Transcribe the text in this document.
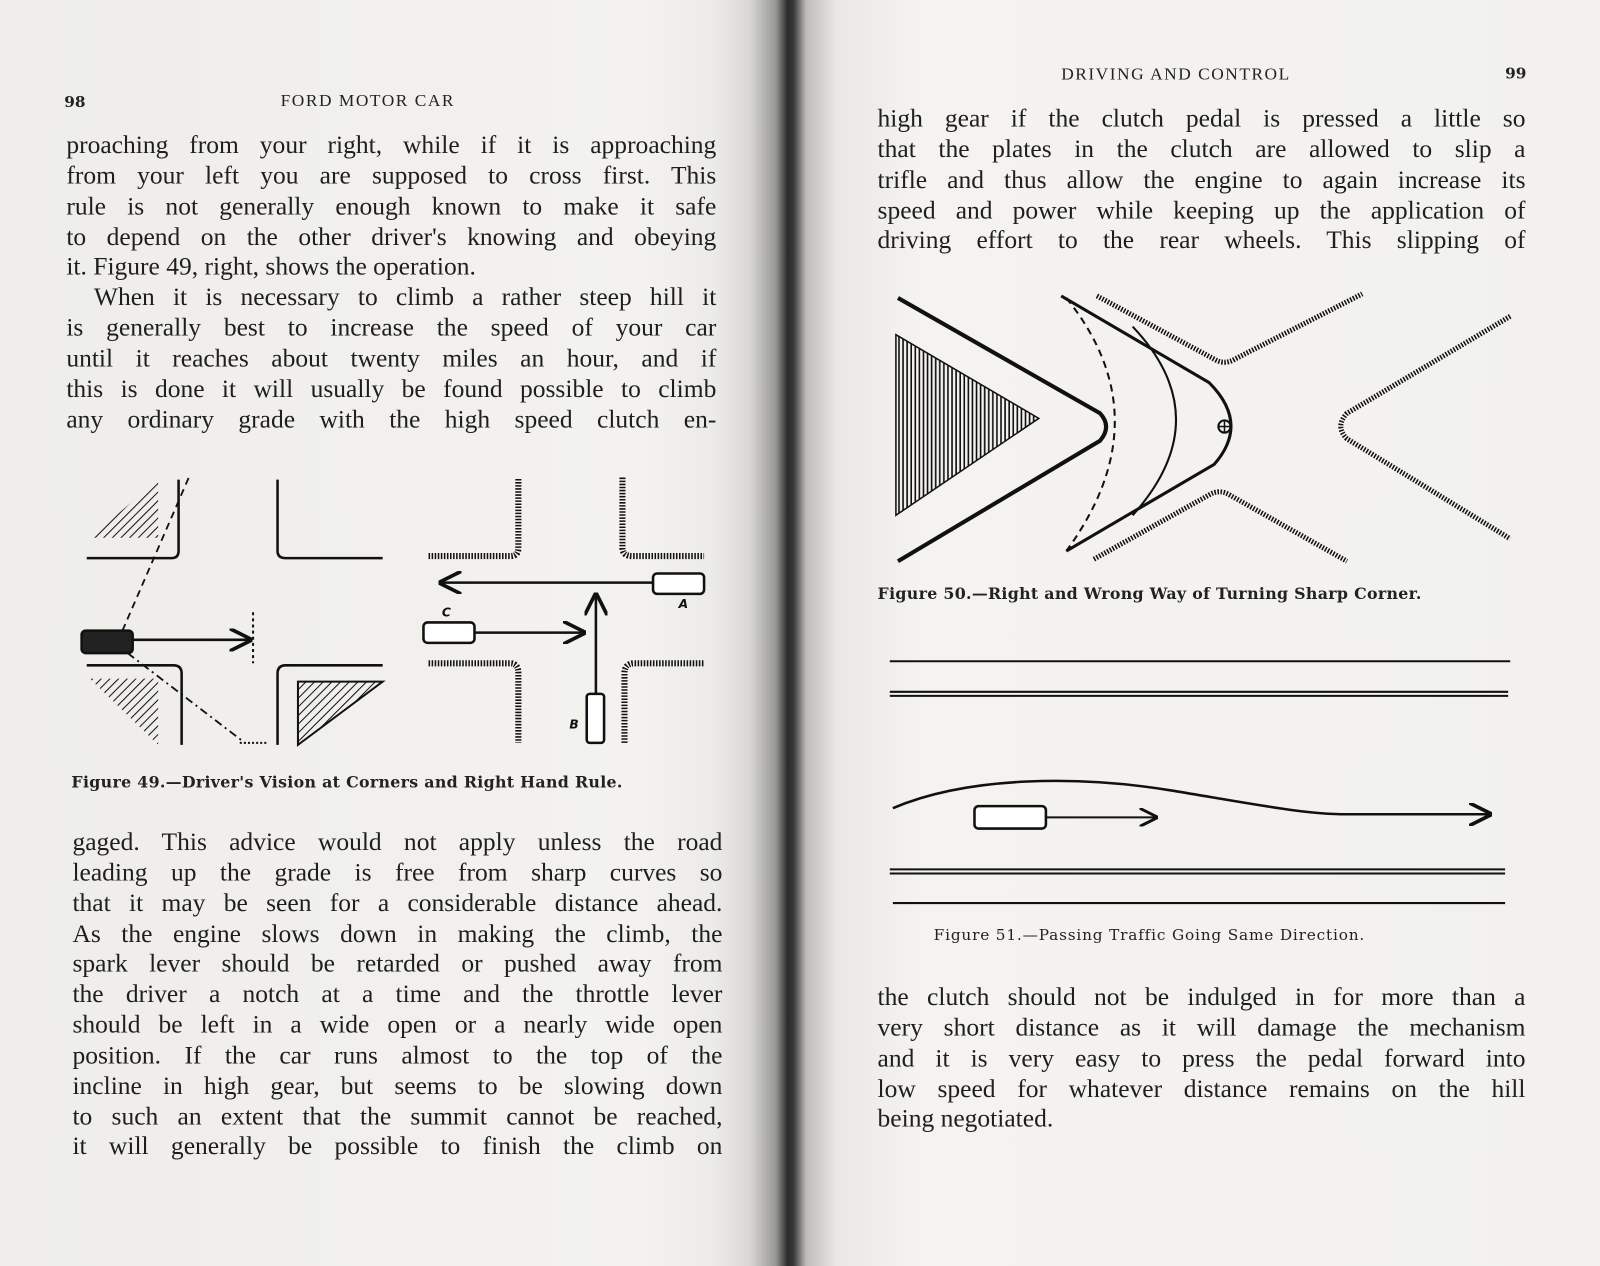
A
C
B
98	FORD MOTOR CAR
DRIVING AND CONTROL	99
proaching from your right, while if it is approaching
from your left you are supposed to cross first. This
rule is not generally enough known to make it safe
to depend on the other driver's knowing and obeying
it. Figure 49, right, shows the operation.
When it is necessary to climb a rather steep hill it
is generally best to increase the speed of your car
until it reaches about twenty miles an hour, and if
this is done it will usually be found possible to climb
any ordinary grade with the high speed clutch en-
Figure 49.—Driver's Vision at Corners and Right Hand Rule.
gaged. This advice would not apply unless the road
leading up the grade is free from sharp curves so
that it may be seen for a considerable distance ahead.
As the engine slows down in making the climb, the
spark lever should be retarded or pushed away from
the driver a notch at a time and the throttle lever
should be left in a wide open or a nearly wide open
position. If the car runs almost to the top of the
incline in high gear, but seems to be slowing down
to such an extent that the summit cannot be reached,
it will generally be possible to finish the climb on
high gear if the clutch pedal is pressed a little so
that the plates in the clutch are allowed to slip a
trifle and thus allow the engine to again increase its
speed and power while keeping up the application of
driving effort to the rear wheels. This slipping of
Figure 50.—Right and Wrong Way of Turning Sharp Corner.
Figure 51.—Passing Traffic Going Same Direction.
the clutch should not be indulged in for more than a
very short distance as it will damage the mechanism
and it is very easy to press the pedal forward into
low speed for whatever distance remains on the hill
being negotiated.
